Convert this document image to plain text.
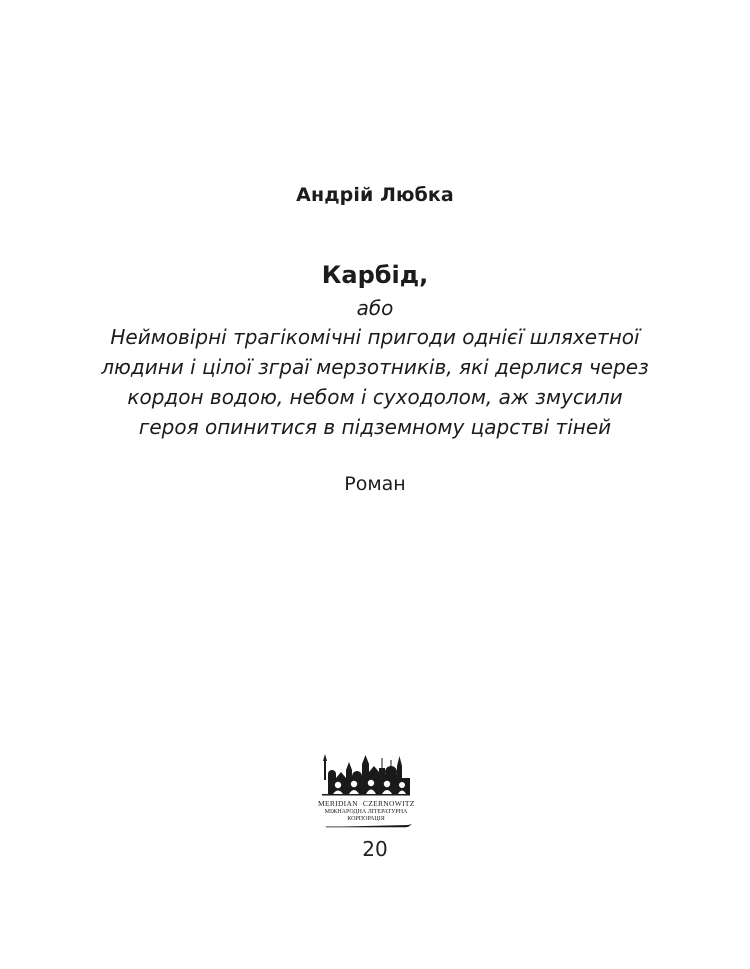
Андрій Любка
Карбід,
або
Неймовірні трагікомічні пригоди однієї шляхетної
людини і цілої зграї мерзотників, які дерлися через
кордон водою, небом і суходолом, аж змусили
героя опинитися в підземному царстві тіней
Роман
MERIDIAN CZERNOWITZ
МІЖНАРОДНА ЛІТЕРАТУРНА
КОРПОРАЦІЯ
20
